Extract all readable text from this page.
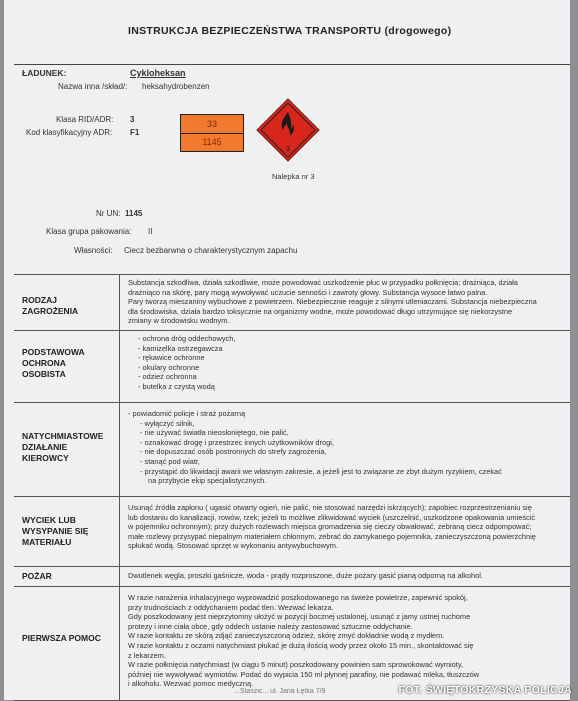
INSTRUKCJA BEZPIECZEŃSTWA TRANSPORTU (drogowego)
ŁADUNEK:	Cykloheksan
Nazwa inna /skład/: heksahydrobenzen
Klasa RID/ADR: 3
Kod klasyfikacyjny ADR: F1
33
1145
3
Nalepka nr 3
Nr UN: 1145
Klasa grupa pakowania: II
Własności: Ciecz bezbarwna o charakterystycznym zapachu
RODZAJ
ZAGROŻENIA
Substancja szkodliwa, działa szkodliwie, może powodować uszkodzenie płuc w przypadku połknięcia; drażniąca, działa
drażniąco na skórę, pary mogą wywoływać uczucie senności i zawroty głowy. Substancja wysoce łatwo palna.
Pary tworzą mieszaniny wybuchowe z powietrzem. Niebezpiecznie reaguje z silnymi utleniaczami. Substancja niebezpieczna
dla środowiska, działa bardzo toksycznie na organizmy wodne, może powodować długo utrzymujące się niekorzystne
zmiany w środowisku wodnym.
PODSTAWOWA
OCHRONA
OSOBISTA
- ochrona dróg oddechowych,
- kamizelka ostrzegawcza
- rękawice ochronne
- okulary ochronne
- odzież ochronna
- butelka z czystą wodą
NATYCHMIASTOWE
DZIAŁANIE
KIEROWCY
- powiadomić policje i straż pożarną
- wyłączyć silnik,
- nie używać światła nieosłoniętego, nie palić,
- oznakować drogę i przestrzec innych użytkowników drogi,
- nie dopuszczać osób postronnych do strefy zagrożenia,
- stanąć pod wiatr,
- przystąpić do likwidacji awarii we własnym zakresie, a jeżeli jest to związane ze zbyt dużym ryzykiem, czekać
na przybycie ekip specjalistycznych.
WYCIEK LUB
WYSYPANIE SIĘ
MATERIAŁU
Usunąć źródła zapłonu ( ugasić otwarty ogień, nie palić, nie stosować narzędzi iskrzących); zapobiec rozprzestrzenianiu się
lub dostaniu do kanalizacji, rowów, rzek; jeżeli to możliwe zlikwidować wyciek (uszczelnić, uszkodzone opakowania umieścić
w pojemniku ochronnym); przy dużych rozlewach miejsca gromadzenia się cieczy obwałować, zebraną ciecz odpompować;
małe rozlewy przysypać niepalnym materiałem chłonnym, zebrać do zamykanego pojemnika, zanieczyszczoną powierzchnię
spłukać wodą. Stosować sprzęt w wykonaniu antywybuchowym.
POŻAR	Dwutlenek węgla, proszki gaśnicze, woda - prądy rozproszone, duże pożary gasić pianą odporną na alkohol.
PIERWSZA POMOC
W razie narażenia inhalacyjnego wyprowadzić poszkodowanego na świeże powietrze, zapewnić spokój,
przy trudnościach z oddychaniem podać tlen. Wezwać lekarza.
Gdy poszkodowany jest nieprzytomny ułożyć w pozycji bocznej ustalonej, usunąć z jamy ustnej ruchome
protezy i inne ciała obce, gdy oddech ustanie należy zastosować sztuczne oddychanie.
W razie kontaktu ze skórą zdjąć zanieczyszczoną odzież, skórę zmyć dokładnie wodą z mydłem.
W razie kontaktu z oczami natychmiast płukać je dużą ilością wody przez około 15 min., skontaktować się
z lekarzem.
W razie połknięcia natychmiast (w ciągu 5 minut) poszkodowany powinien sam sprowokować wymioty,
później nie wywoływać wymiotów. Podać do wypicia 150 ml płynnej parafiny, nie podawać mleka, tłuszczów
i alkoholu. Wezwać pomoc medyczną.
...Staszic... ul. Jana Łętka 7/9	FOT. ŚWIĘTOKRZYSKA POLICJA
